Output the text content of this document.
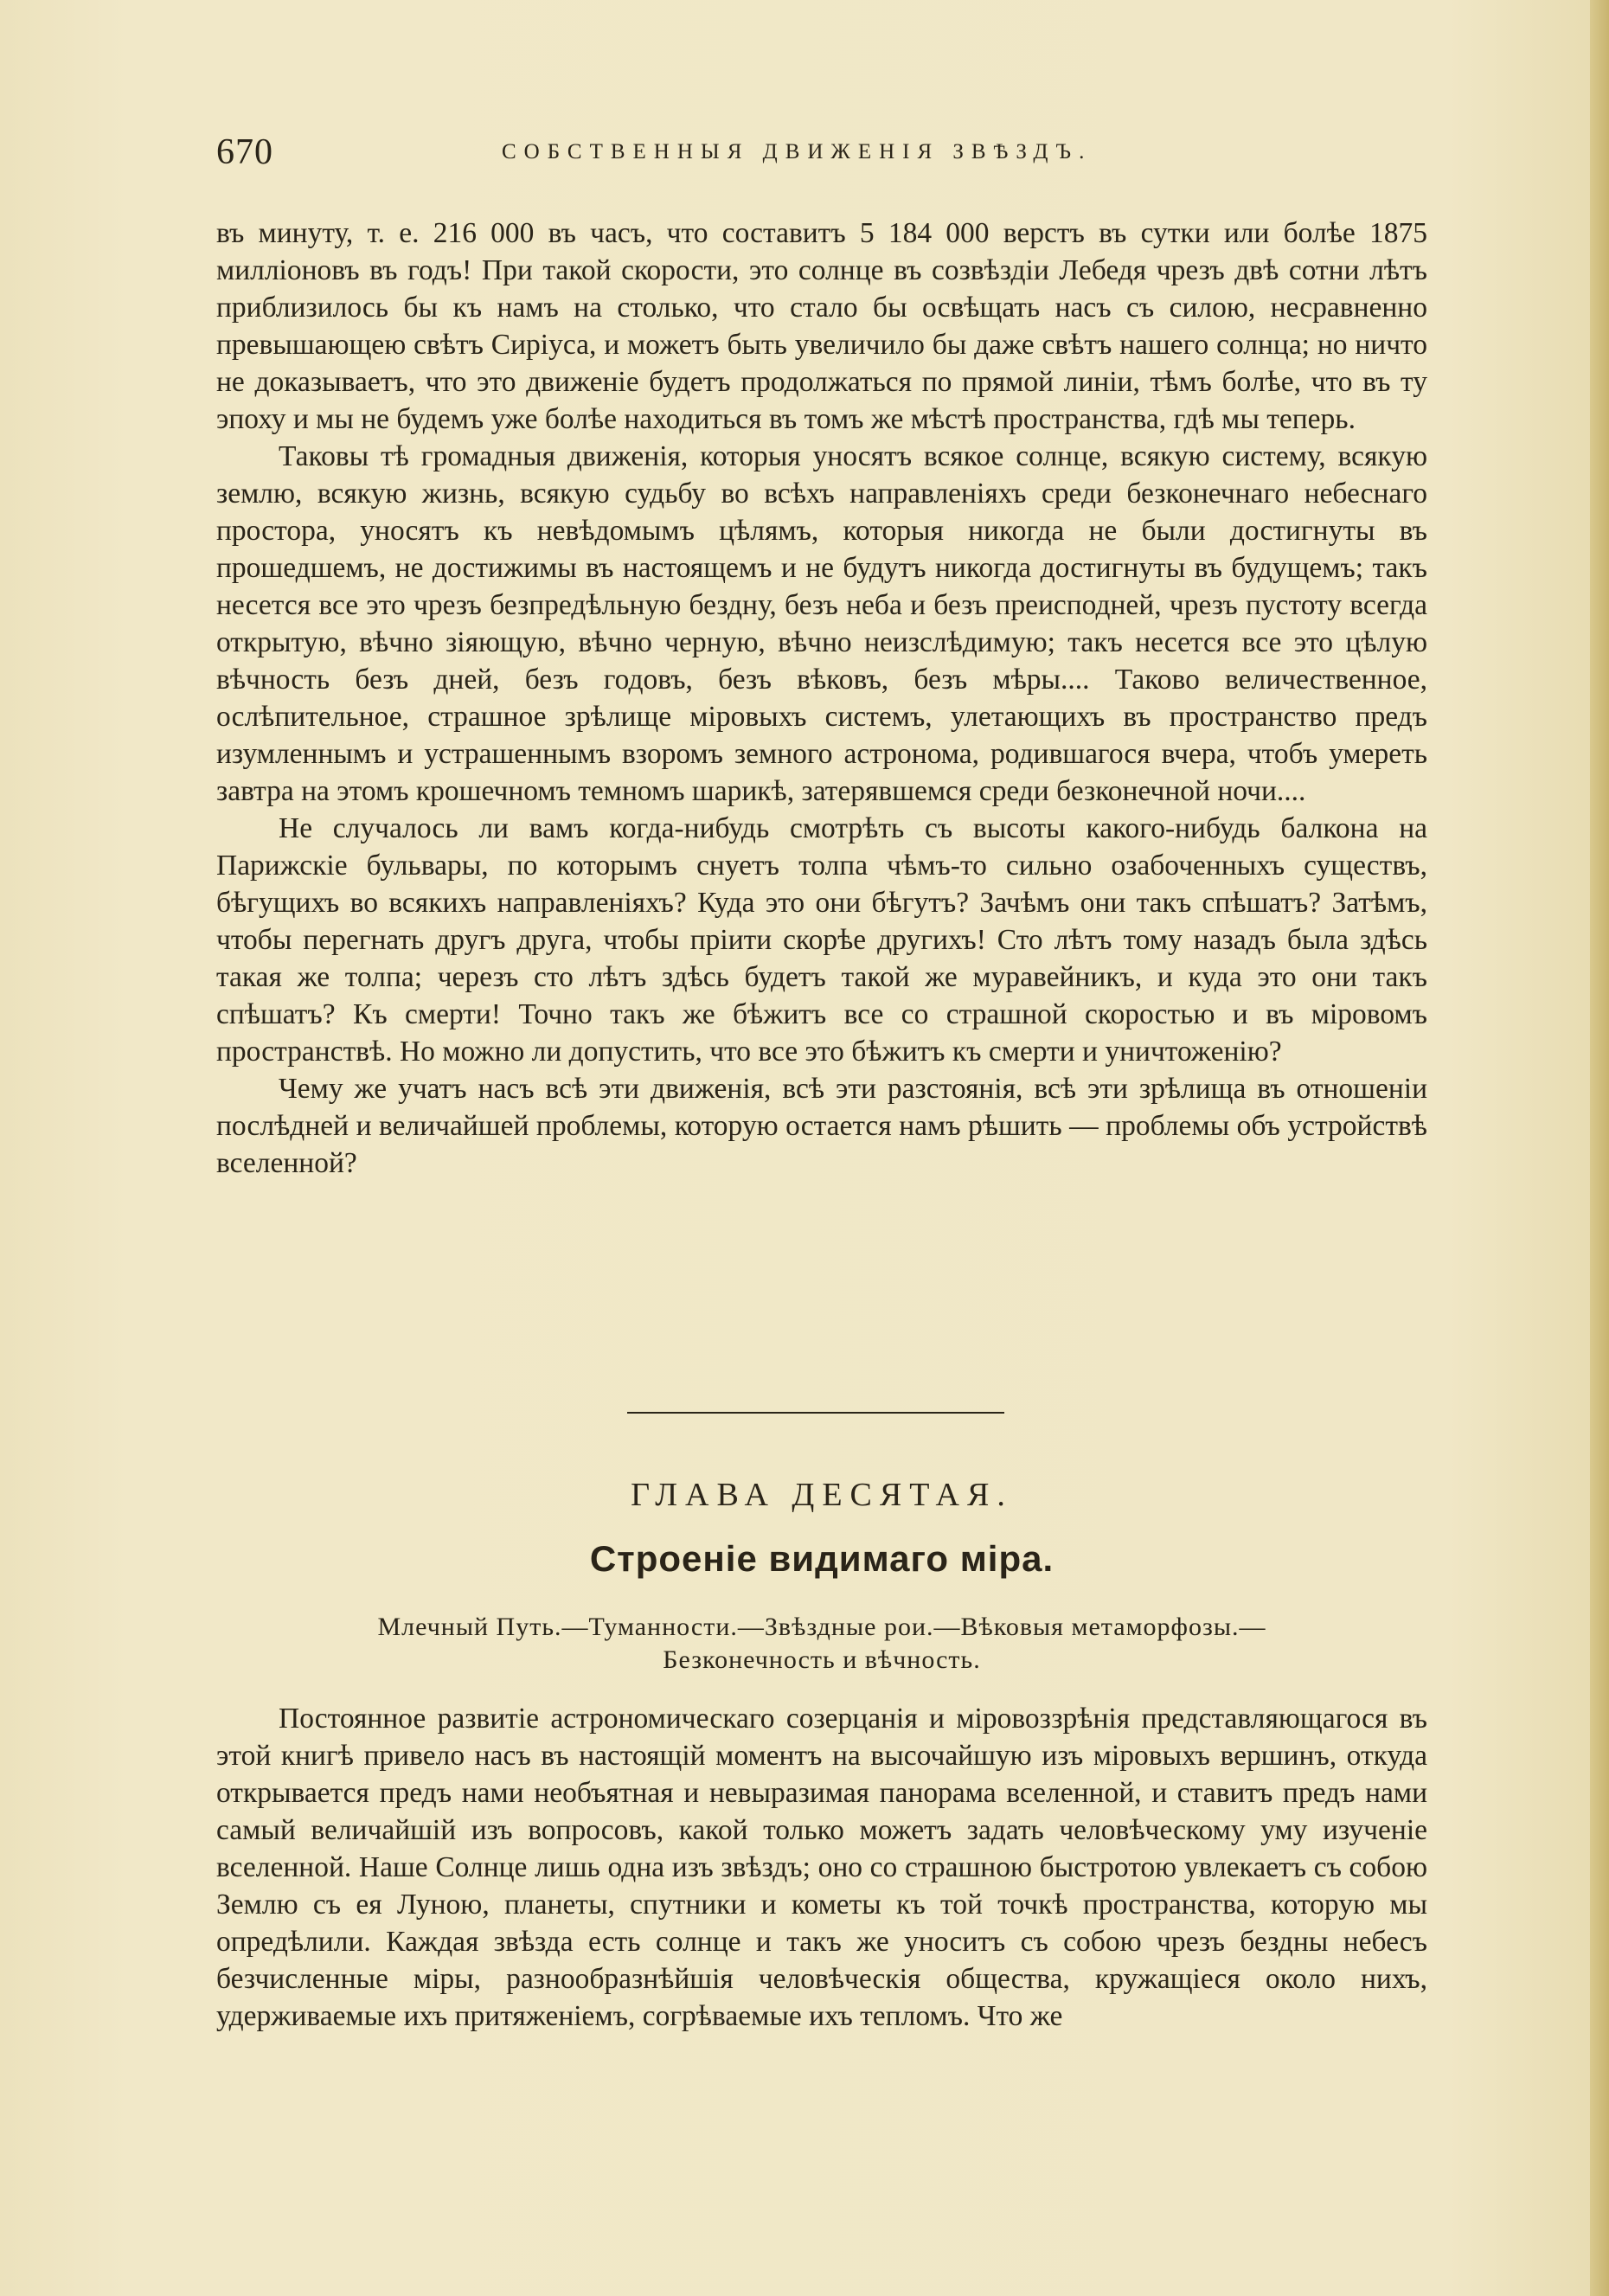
670	СОБСТВЕННЫЯ ДВИЖЕНІЯ ЗВѢЗДЪ.

въ минуту, т. е. 216 000 въ часъ, что составитъ 5 184 000 верстъ въ сутки или болѣе 1875 милліоновъ въ годъ! При такой скорости, это солнце въ созвѣздіи Лебедя чрезъ двѣ сотни лѣтъ приблизилось бы къ намъ на столько, что стало бы освѣщать насъ съ силою, несравненно превышающею свѣтъ Сиріуса, и можетъ быть увеличило бы даже свѣтъ нашего солнца; но ничто не доказываетъ, что это движеніе будетъ продолжаться по прямой линіи, тѣмъ болѣе, что въ ту эпоху и мы не будемъ уже болѣе находиться въ томъ же мѣстѣ пространства, гдѣ мы теперь.

Таковы тѣ громадныя движенія, которыя уносятъ всякое солнце, всякую систему, всякую землю, всякую жизнь, всякую судьбу во всѣхъ направленіяхъ среди безконечнаго небеснаго простора, уносятъ къ невѣдомымъ цѣлямъ, которыя никогда не были достигнуты въ прошедшемъ, не достижимы въ настоящемъ и не будутъ никогда достигнуты въ будущемъ; такъ несется все это чрезъ безпредѣльную бездну, безъ неба и безъ преисподней, чрезъ пустоту всегда открытую, вѣчно зіяющую, вѣчно черную, вѣчно неизслѣдимую; такъ несется все это цѣлую вѣчность безъ дней, безъ годовъ, безъ вѣковъ, безъ мѣры.... Таково величественное, ослѣпительное, страшное зрѣлище міровыхъ системъ, улетающихъ въ пространство предъ изумленнымъ и устрашеннымъ взоромъ земного астронома, родившагося вчера, чтобъ умереть завтра на этомъ крошечномъ темномъ шарикѣ, затерявшемся среди безконечной ночи....

Не случалось ли вамъ когда-нибудь смотрѣть съ высоты какого-нибудь балкона на Парижскіе бульвары, по которымъ снуетъ толпа чѣмъ-то сильно озабоченныхъ существъ, бѣгущихъ во всякихъ направленіяхъ? Куда это они бѣгутъ? Зачѣмъ они такъ спѣшатъ? Затѣмъ, чтобы перегнать другъ друга, чтобы пріити скорѣе другихъ! Сто лѣтъ тому назадъ была здѣсь такая же толпа; черезъ сто лѣтъ здѣсь будетъ такой же муравейникъ, и куда это они такъ спѣшатъ? Къ смерти! Точно такъ же бѣжитъ все со страшной скоростью и въ міровомъ пространствѣ. Но можно ли допустить, что все это бѣжитъ къ смерти и уничтоженію?

Чему же учатъ насъ всѣ эти движенія, всѣ эти разстоянія, всѣ эти зрѣлища въ отношеніи послѣдней и величайшей проблемы, которую остается намъ рѣшить — проблемы объ устройствѣ вселенной?

ГЛАВА ДЕСЯТАЯ.
Строеніе видимаго міра.
Млечный Путь.—Туманности.—Звѣздные рои.—Вѣковыя метаморфозы.—
Безконечность и вѣчность.

Постоянное развитіе астрономическаго созерцанія и міровоззрѣнія представляющагося въ этой книгѣ привело насъ въ настоящій моментъ на высочайшую изъ міровыхъ вершинъ, откуда открывается предъ нами необъятная и невыразимая панорама вселенной, и ставитъ предъ нами самый величайшій изъ вопросовъ, какой только можетъ задать человѣческому уму изученіе вселенной. Наше Солнце лишь одна изъ звѣздъ; оно со страшною быстротою увлекаетъ съ собою Землю съ ея Луною, планеты, спутники и кометы къ той точкѣ пространства, которую мы опредѣлили. Каждая звѣзда есть солнце и такъ же уноситъ съ собою чрезъ бездны небесъ безчисленные міры, разнообразнѣйшія человѣческія общества, кружащіеся около нихъ, удерживаемые ихъ притяженіемъ, согрѣваемые ихъ тепломъ. Что же
